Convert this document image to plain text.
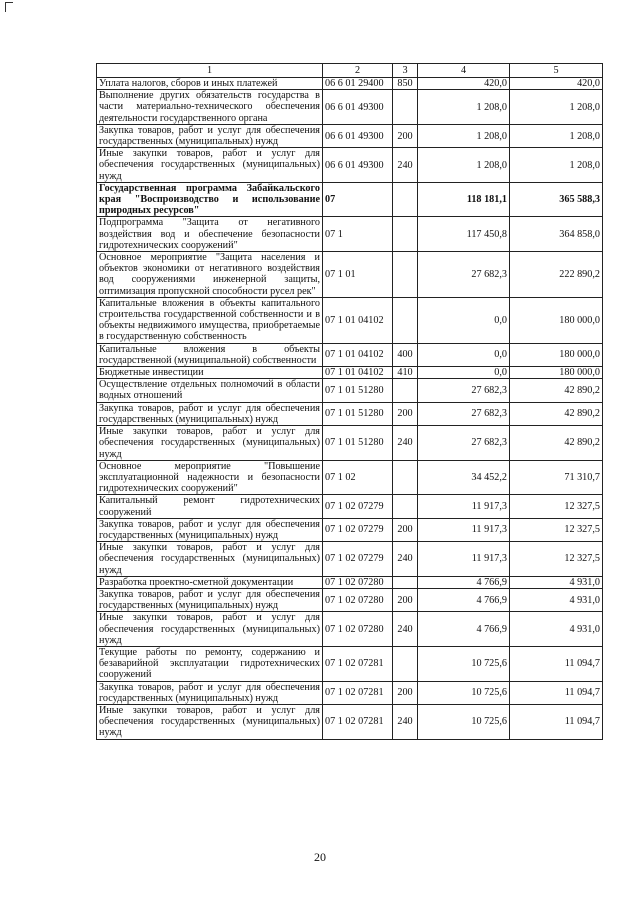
1	2	3	4	5
Уплата налогов, сборов и иных платежей	06 6 01 29400	850	420,0	420,0
Выполнение других обязательств государства в части материально-технического обеспечения деятельности государственного органа	06 6 01 49300		1 208,0	1 208,0
Закупка товаров, работ и услуг для обеспечения государственных (муниципальных) нужд	06 6 01 49300	200	1 208,0	1 208,0
Иные закупки товаров, работ и услуг для обеспечения государственных (муниципальных) нужд	06 6 01 49300	240	1 208,0	1 208,0
Государственная программа Забайкальского края "Воспроизводство и использование природных ресурсов"	07		118 181,1	365 588,3
Подпрограмма "Защита от негативного воздействия вод и обеспечение безопасности гидротехнических сооружений"	07 1		117 450,8	364 858,0
Основное мероприятие "Защита населения и объектов экономики от негативного воздействия вод сооружениями инженерной защиты, оптимизация пропускной способности русел рек"	07 1 01		27 682,3	222 890,2
Капитальные вложения в объекты капитального строительства государственной собственности и в объекты недвижимого имущества, приобретаемые в государственную собственность	07 1 01 04102		0,0	180 000,0
Капитальные вложения в объекты государственной (муниципальной) собственности	07 1 01 04102	400	0,0	180 000,0
Бюджетные инвестиции	07 1 01 04102	410	0,0	180 000,0
Осуществление отдельных полномочий в области водных отношений	07 1 01 51280		27 682,3	42 890,2
Закупка товаров, работ и услуг для обеспечения государственных (муниципальных) нужд	07 1 01 51280	200	27 682,3	42 890,2
Иные закупки товаров, работ и услуг для обеспечения государственных (муниципальных) нужд	07 1 01 51280	240	27 682,3	42 890,2
Основное мероприятие "Повышение эксплуатационной надежности и безопасности гидротехнических сооружений"	07 1 02		34 452,2	71 310,7
Капитальный ремонт гидротехнических сооружений	07 1 02 07279		11 917,3	12 327,5
Закупка товаров, работ и услуг для обеспечения государственных (муниципальных) нужд	07 1 02 07279	200	11 917,3	12 327,5
Иные закупки товаров, работ и услуг для обеспечения государственных (муниципальных) нужд	07 1 02 07279	240	11 917,3	12 327,5
Разработка проектно-сметной документации	07 1 02 07280		4 766,9	4 931,0
Закупка товаров, работ и услуг для обеспечения государственных (муниципальных) нужд	07 1 02 07280	200	4 766,9	4 931,0
Иные закупки товаров, работ и услуг для обеспечения государственных (муниципальных) нужд	07 1 02 07280	240	4 766,9	4 931,0
Текущие работы по ремонту, содержанию и безаварийной эксплуатации гидротехнических сооружений	07 1 02 07281		10 725,6	11 094,7
Закупка товаров, работ и услуг для обеспечения государственных (муниципальных) нужд	07 1 02 07281	200	10 725,6	11 094,7
Иные закупки товаров, работ и услуг для обеспечения государственных (муниципальных) нужд	07 1 02 07281	240	10 725,6	11 094,7
20
